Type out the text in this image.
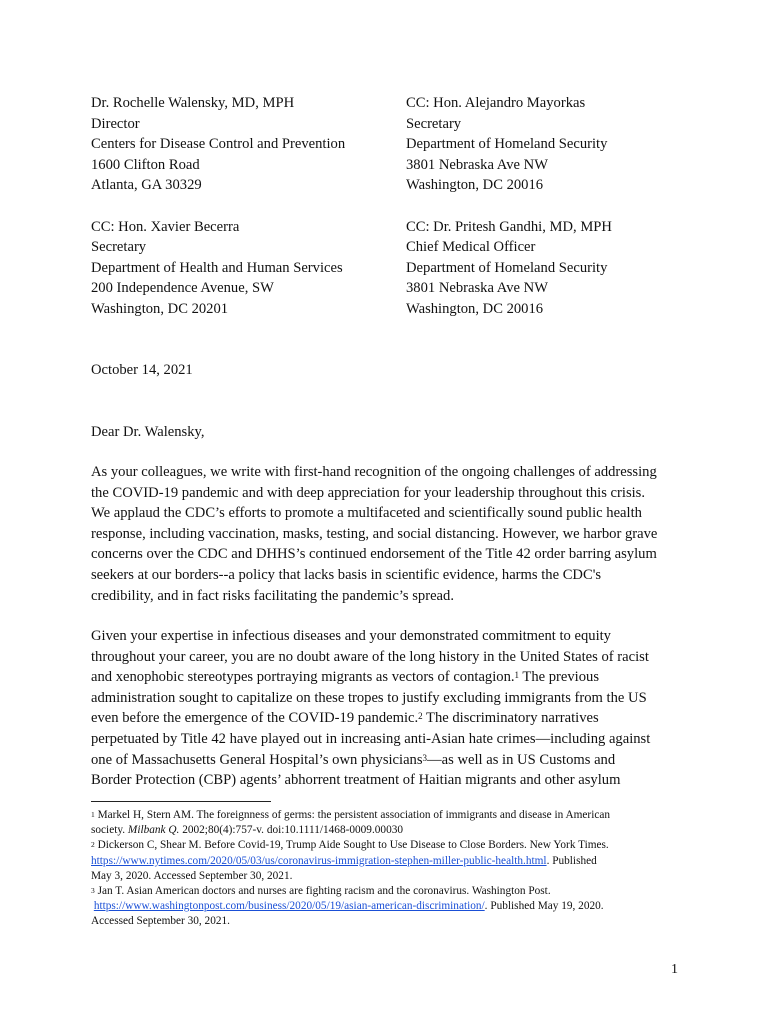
Dr. Rochelle Walensky, MD, MPH
Director
Centers for Disease Control and Prevention
1600 Clifton Road
Atlanta, GA 30329
CC: Hon. Xavier Becerra
Secretary
Department of Health and Human Services
200 Independence Avenue, SW
Washington, DC 20201
CC: Hon. Alejandro Mayorkas
Secretary
Department of Homeland Security
3801 Nebraska Ave NW
Washington, DC 20016
CC: Dr. Pritesh Gandhi, MD, MPH
Chief Medical Officer
Department of Homeland Security
3801 Nebraska Ave NW
Washington, DC 20016
October 14, 2021
Dear Dr. Walensky,
As your colleagues, we write with first-hand recognition of the ongoing challenges of addressing
the COVID-19 pandemic and with deep appreciation for your leadership throughout this crisis.
We applaud the CDC’s efforts to promote a multifaceted and scientifically sound public health
response, including vaccination, masks, testing, and social distancing. However, we harbor grave
concerns over the CDC and DHHS’s continued endorsement of the Title 42 order barring asylum
seekers at our borders--a policy that lacks basis in scientific evidence, harms the CDC's
credibility, and in fact risks facilitating the pandemic’s spread.
Given your expertise in infectious diseases and your demonstrated commitment to equity
throughout your career, you are no doubt aware of the long history in the United States of racist
and xenophobic stereotypes portraying migrants as vectors of contagion.$^1$ The previous
administration sought to capitalize on these tropes to justify excluding immigrants from the US
even before the emergence of the COVID-19 pandemic.$^2$ The discriminatory narratives
perpetuated by Title 42 have played out in increasing anti-Asian hate crimes—including against
one of Massachusetts General Hospital’s own physicians$^3$—as well as in US Customs and
Border Protection (CBP) agents’ abhorrent treatment of Haitian migrants and other asylum
$^1$ Markel H, Stern AM. The foreignness of germs: the persistent association of immigrants and disease in American
society. Milbank Q. 2002;80(4):757-v. doi:10.1111/1468-0009.00030
$^2$ Dickerson C, Shear M. Before Covid-19, Trump Aide Sought to Use Disease to Close Borders. New York Times.
https://www.nytimes.com/2020/05/03/us/coronavirus-immigration-stephen-miller-public-health.html. Published
May 3, 2020. Accessed September 30, 2021.
$^3$ Jan T. Asian American doctors and nurses are fighting racism and the coronavirus. Washington Post.
https://www.washingtonpost.com/business/2020/05/19/asian-american-discrimination/. Published May 19, 2020.
Accessed September 30, 2021.
1
